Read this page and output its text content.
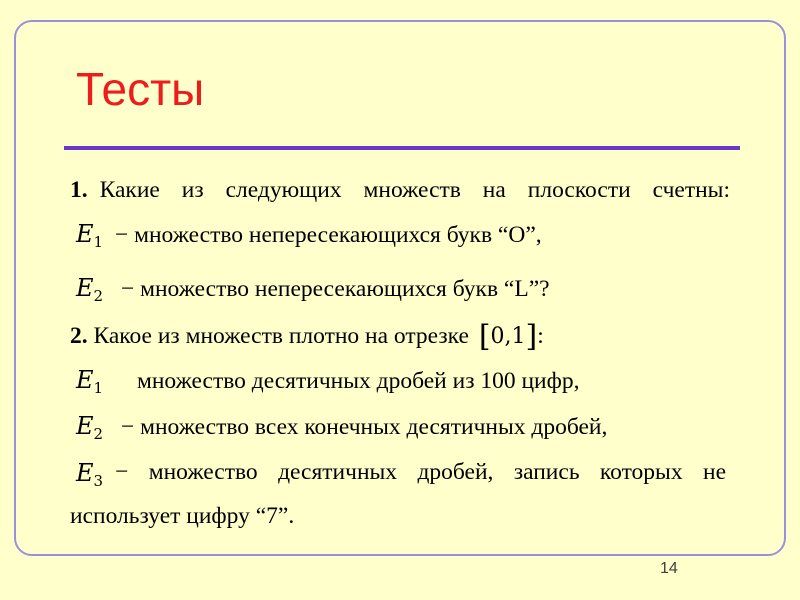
Тесты
1. Какие из следующих множеств на плоскости счетны:
$E_1$ − множество непересекающихся букв “O”,
$E_2$ − множество непересекающихся букв “L”?
2. Какое из множеств плотно на отрезке [0,1]:
$E_1$ множество десятичных дробей из 100 цифр,
$E_2$ − множество всех конечных десятичных дробей,
$E_3$ − множество десятичных дробей, запись которых не
использует цифру “7”.
14
